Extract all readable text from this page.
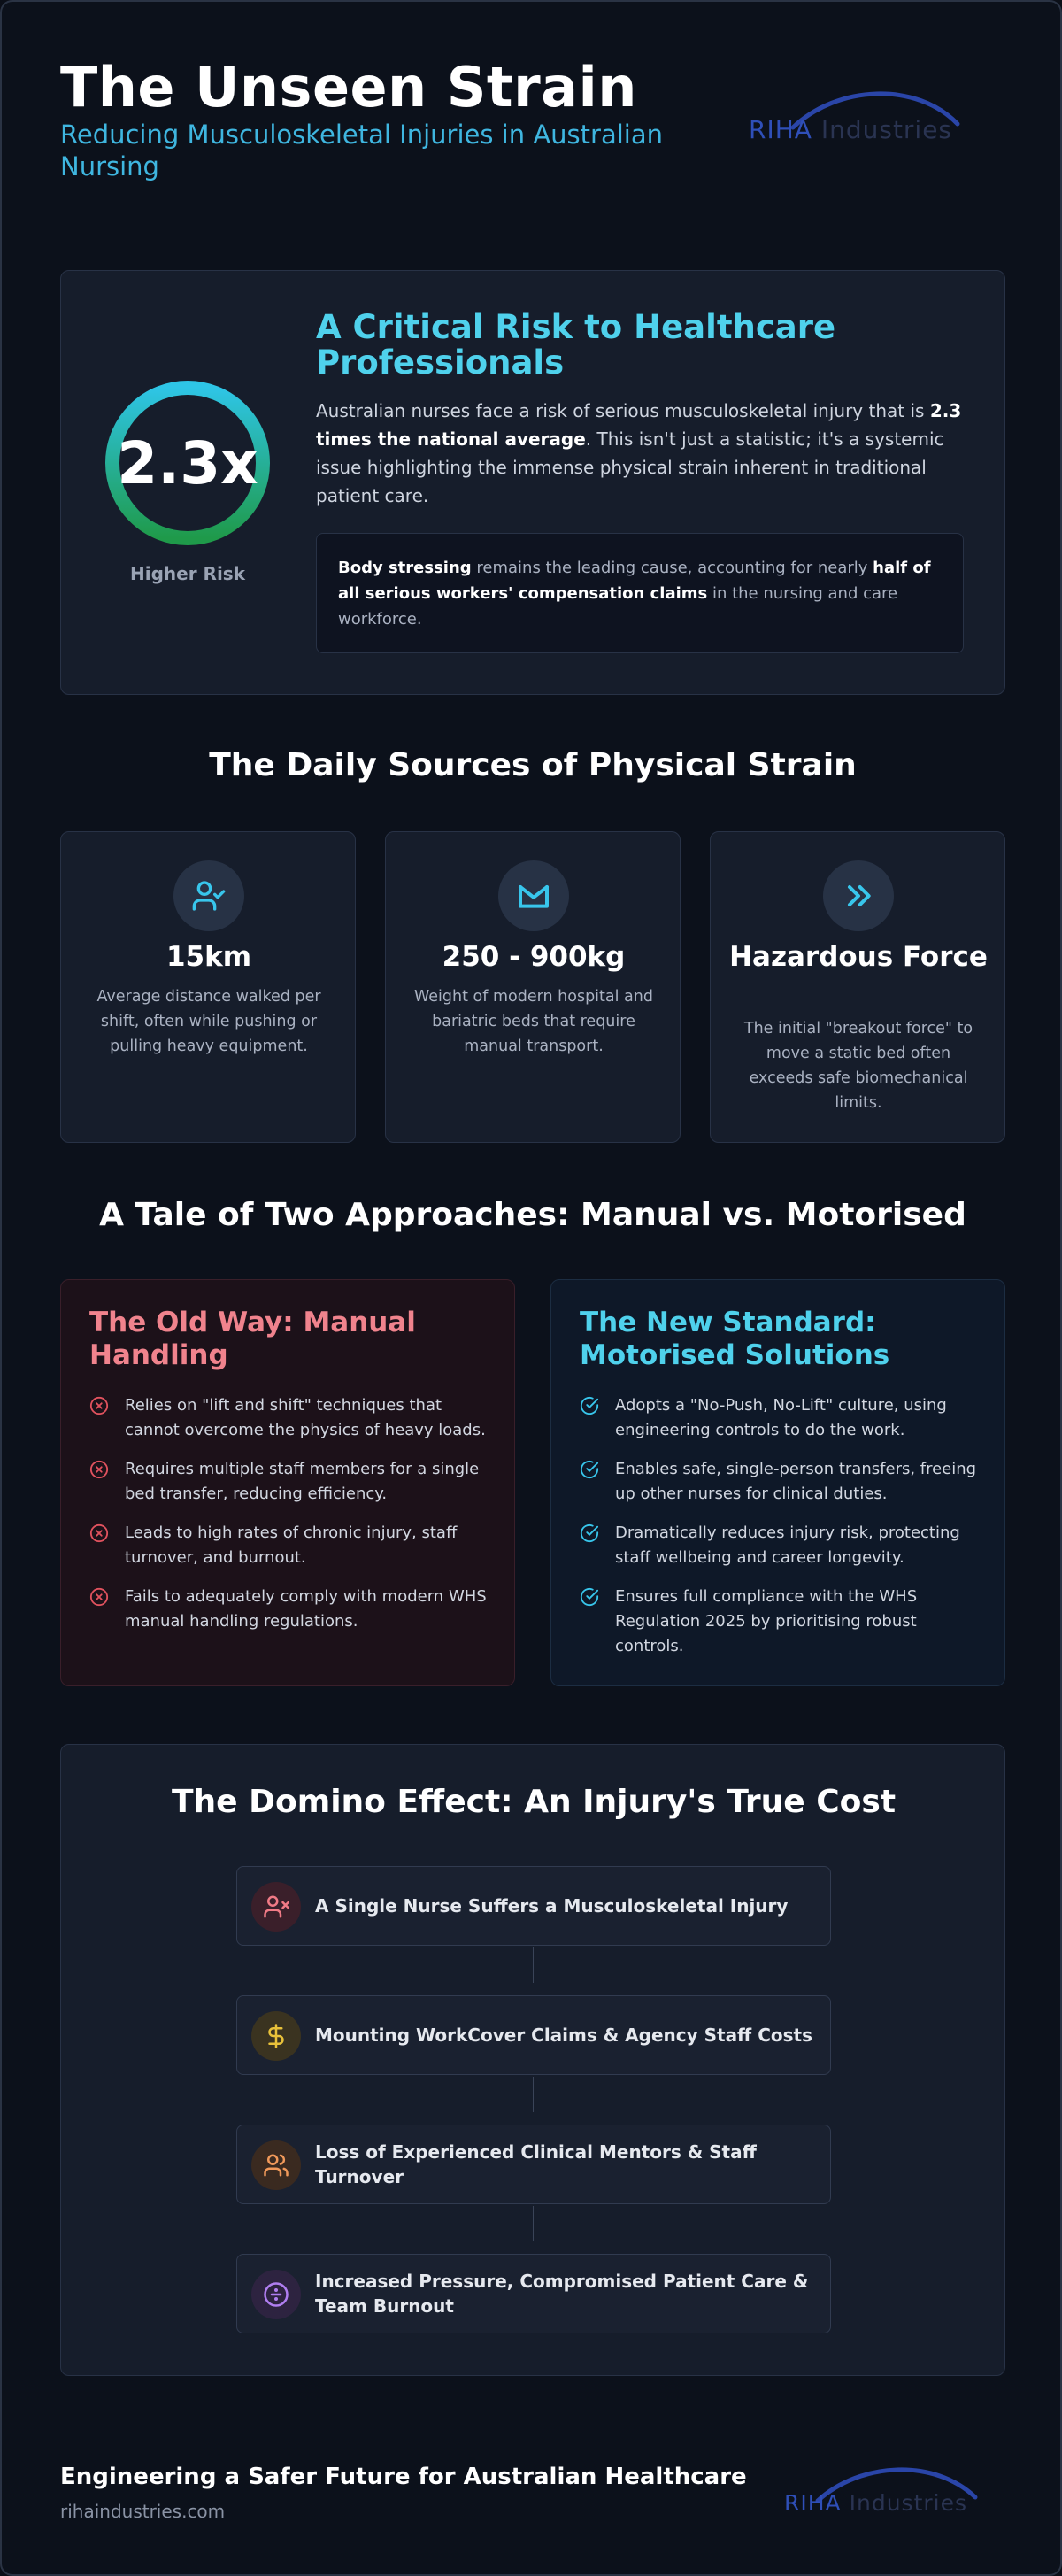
The Unseen Strain
Reducing Musculoskeletal Injuries in Australian Nursing
RIHA Industries
2.3x
Higher Risk
A Critical Risk to Healthcare Professionals
Australian nurses face a risk of serious musculoskeletal injury that is 2.3 times the national average. This isn't just a statistic; it's a systemic issue highlighting the immense physical strain inherent in traditional patient care.
Body stressing remains the leading cause, accounting for nearly half of all serious workers' compensation claims in the nursing and care workforce.
The Daily Sources of Physical Strain
15km
Average distance walked per shift, often while pushing or pulling heavy equipment.
250 - 900kg
Weight of modern hospital and bariatric beds that require manual transport.
Hazardous Force
The initial "breakout force" to move a static bed often exceeds safe biomechanical limits.
A Tale of Two Approaches: Manual vs. Motorised
The Old Way: Manual Handling
Relies on "lift and shift" techniques that cannot overcome the physics of heavy loads.
Requires multiple staff members for a single bed transfer, reducing efficiency.
Leads to high rates of chronic injury, staff turnover, and burnout.
Fails to adequately comply with modern WHS manual handling regulations.
The New Standard: Motorised Solutions
Adopts a "No-Push, No-Lift" culture, using engineering controls to do the work.
Enables safe, single-person transfers, freeing up other nurses for clinical duties.
Dramatically reduces injury risk, protecting staff wellbeing and career longevity.
Ensures full compliance with the WHS Regulation 2025 by prioritising robust controls.
The Domino Effect: An Injury's True Cost
A Single Nurse Suffers a Musculoskeletal Injury
Mounting WorkCover Claims & Agency Staff Costs
Loss of Experienced Clinical Mentors & Staff Turnover
Increased Pressure, Compromised Patient Care & Team Burnout
Engineering a Safer Future for Australian Healthcare
rihaindustries.com	RIHA Industries
